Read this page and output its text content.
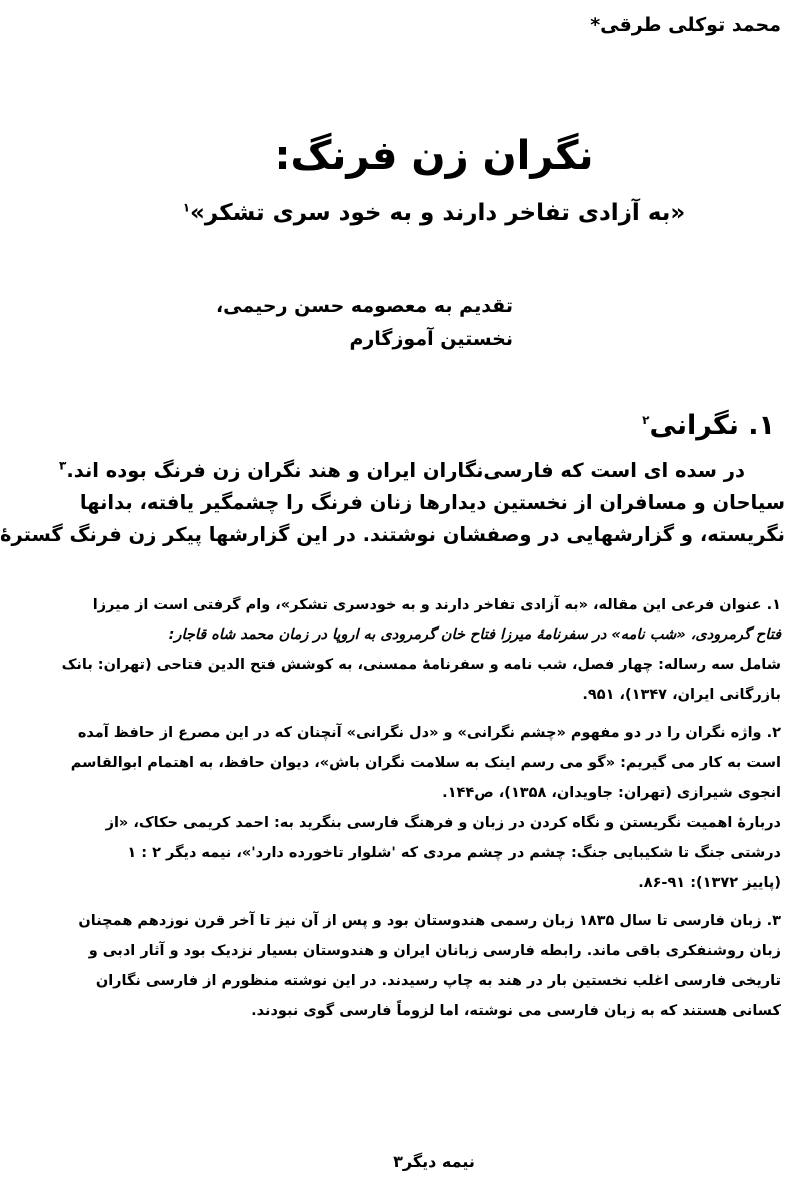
محمد توکلی طرقی*
نگران زن فرنگ:
«به آزادی تفاخر دارند و به خود سری تشکر»$^۱$
تقدیم به معصومه حسن رحیمی،
نخستین آموزگارم
۱. نگرانی$^۲$
در سده ای است که فارسی‌نگاران ایران و هند نگران زن فرنگ بوده اند.$^۳$
سیاحان و مسافران از نخستین دیدارها زنان فرنگ را چشمگیر یافته، بدانها
نگریسته، و گزارشهایی در وصفشان نوشتند. در این گزارشها پیکر زن فرنگ گسترهٔ
۱. عنوان فرعی این مقاله، «به آزادی تفاخر دارند و به خودسری تشکر»، وام گرفتی است از میرزا
فتاح گرمرودی، «شب نامه» در سفرنامهٔ میرزا فتاح خان گرمرودی به اروپا در زمان محمد شاه قاجار:
شامل سه رساله: چهار فصل، شب نامه و سفرنامهٔ ممسنی، به کوشش فتح الدین فتاحی (تهران: بانک
بازرگانی ایران، ۱۳۴۷)، ۹۵۱.
۲. واژه نگران را در دو مفهوم «چشم نگرانی» و «دل نگرانی» آنچنان که در این مصرع از حافظ آمده
است به کار می گیریم: «گو می رسم اینک به سلامت نگران باش»، دیوان حافظ، به اهتمام ابوالقاسم
انجوی شیرازی (تهران: جاویدان، ۱۳۵۸)، ص۱۴۴.
دربارهٔ اهمیت نگریستن و نگاه کردن در زبان و فرهنگ فارسی بنگرید به: احمد کریمی حکاک، «از
درشتی جنگ تا شکیبایی جنگ: چشم در چشم مردی که 'شلوار تاخورده دارد'»، نیمه دیگر ۲ : ۱
(پاییز ۱۳۷۲): ۹۱-۸۶.
۳. زبان فارسی تا سال ۱۸۳۵ زبان رسمی هندوستان بود و پس از آن نیز تا آخر قرن نوزدهم همچنان
زبان روشنفکری باقی ماند. رابطه فارسی زبانان ایران و هندوستان بسیار نزدیک بود و آثار ادبی و
تاریخی فارسی اغلب نخستین بار در هند به چاپ رسیدند. در این نوشته منظورم از فارسی نگاران
کسانی هستند که به زبان فارسی می نوشته، اما لزوماً فارسی گوی نبودند.
نیمه دیگر۳
